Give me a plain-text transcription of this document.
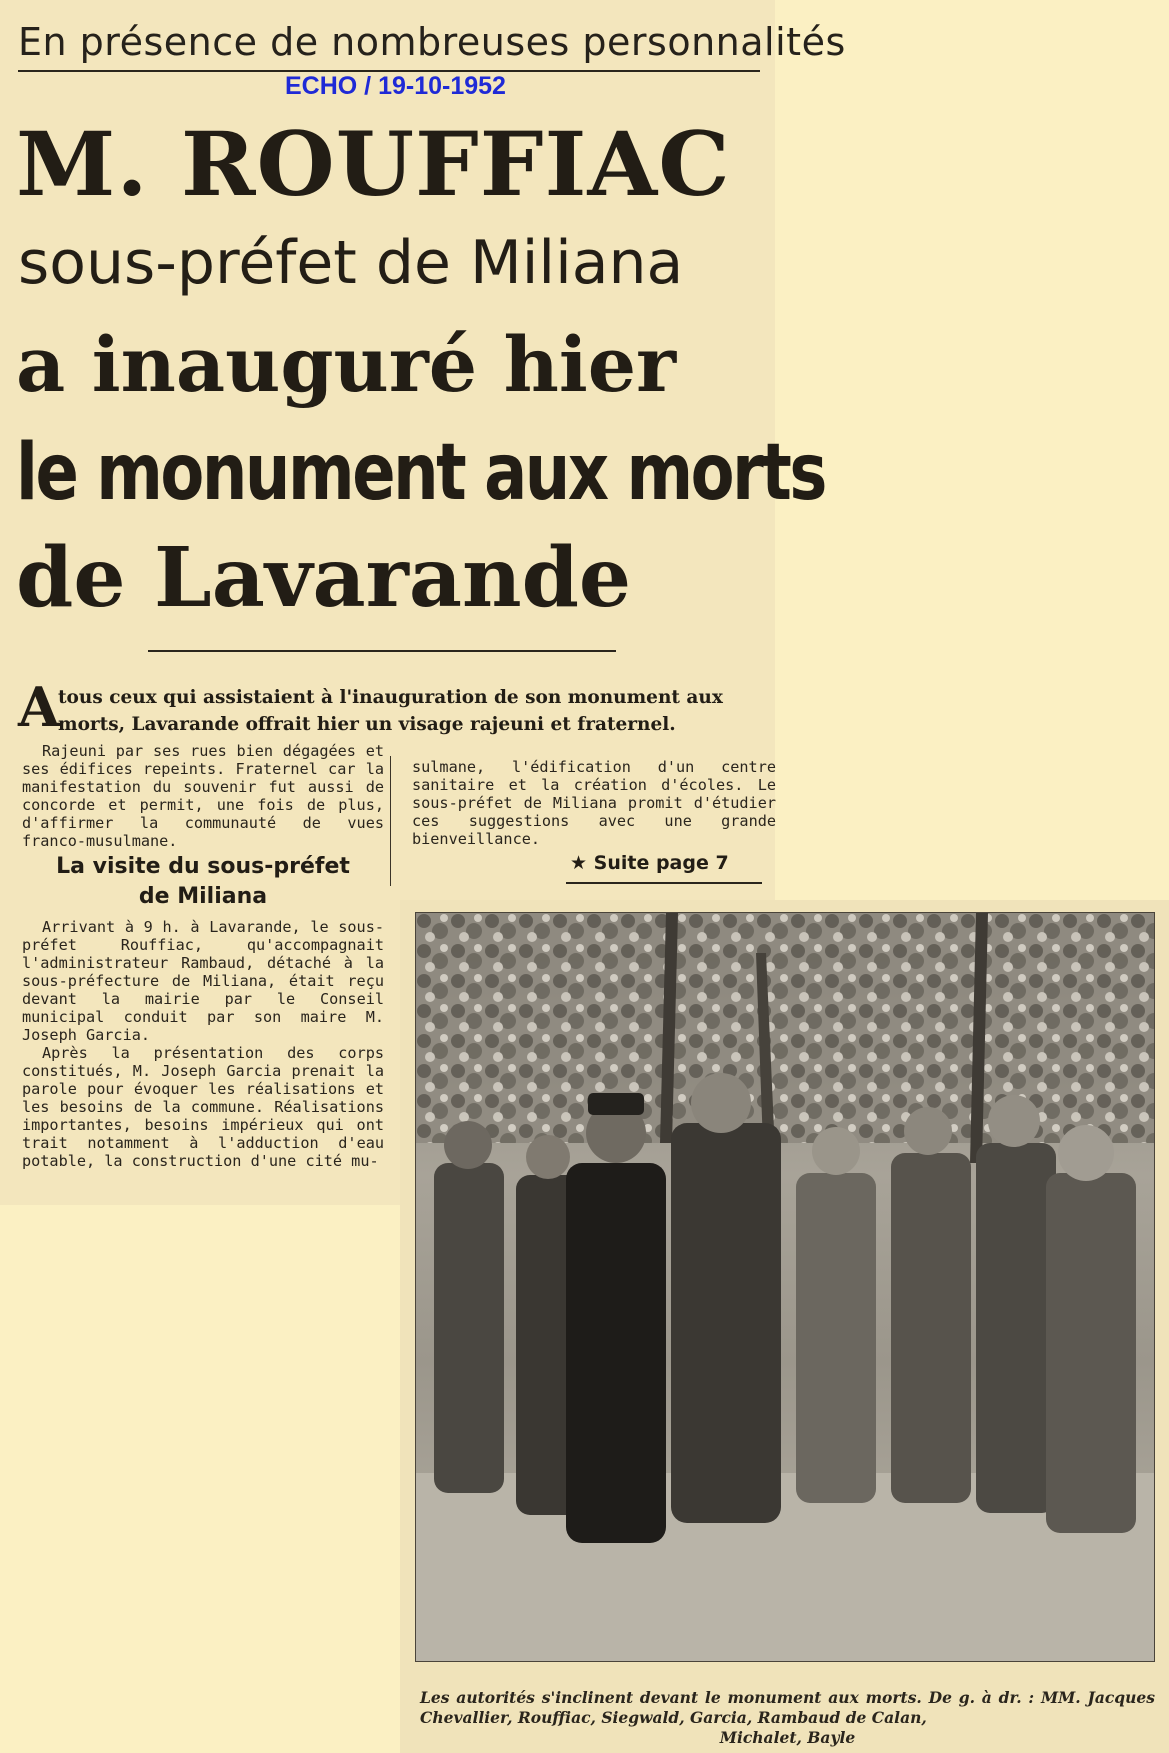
En présence de nombreuses personnalités
ECHO / 19-10-1952
M. ROUFFIAC
sous-préfet de Miliana
a inauguré hier
le monument aux morts
de Lavarande
A
tous ceux qui assistaient à l'inauguration de son monument aux
morts, Lavarande offrait hier un visage rajeuni et fraternel.

Rajeuni par ses rues bien dégagées et ses édifices repeints. Fraternel car la manifestation du souvenir fut aussi de concorde et permit, une fois de plus, d'affirmer la communauté de vues franco-musulmane.

sulmane, l'édification d'un centre sanitaire et la création d'écoles. Le sous-préfet de Miliana promit d'étudier ces suggestions avec une grande bienveillance.

La visite du sous-préfet
de Miliana

Arrivant à 9 h. à Lavarande, le sous-préfet Rouffiac, qu'accompagnait l'administrateur Rambaud, détaché à la sous-préfecture de Miliana, était reçu devant la mairie par le Conseil municipal conduit par son maire M. Joseph Garcia.

Après la présentation des corps constitués, M. Joseph Garcia prenait la parole pour évoquer les réalisations et les besoins de la commune. Réalisations importantes, besoins impérieux qui ont trait notamment à l'adduction d'eau potable, la construction d'une cité mu-

★ Suite page 7
Les autorités s'inclinent devant le monument aux morts. De g. à dr. : MM. Jacques Chevallier, Rouffiac, Siegwald, Garcia, Rambaud de Calan,
Michalet, Bayle
